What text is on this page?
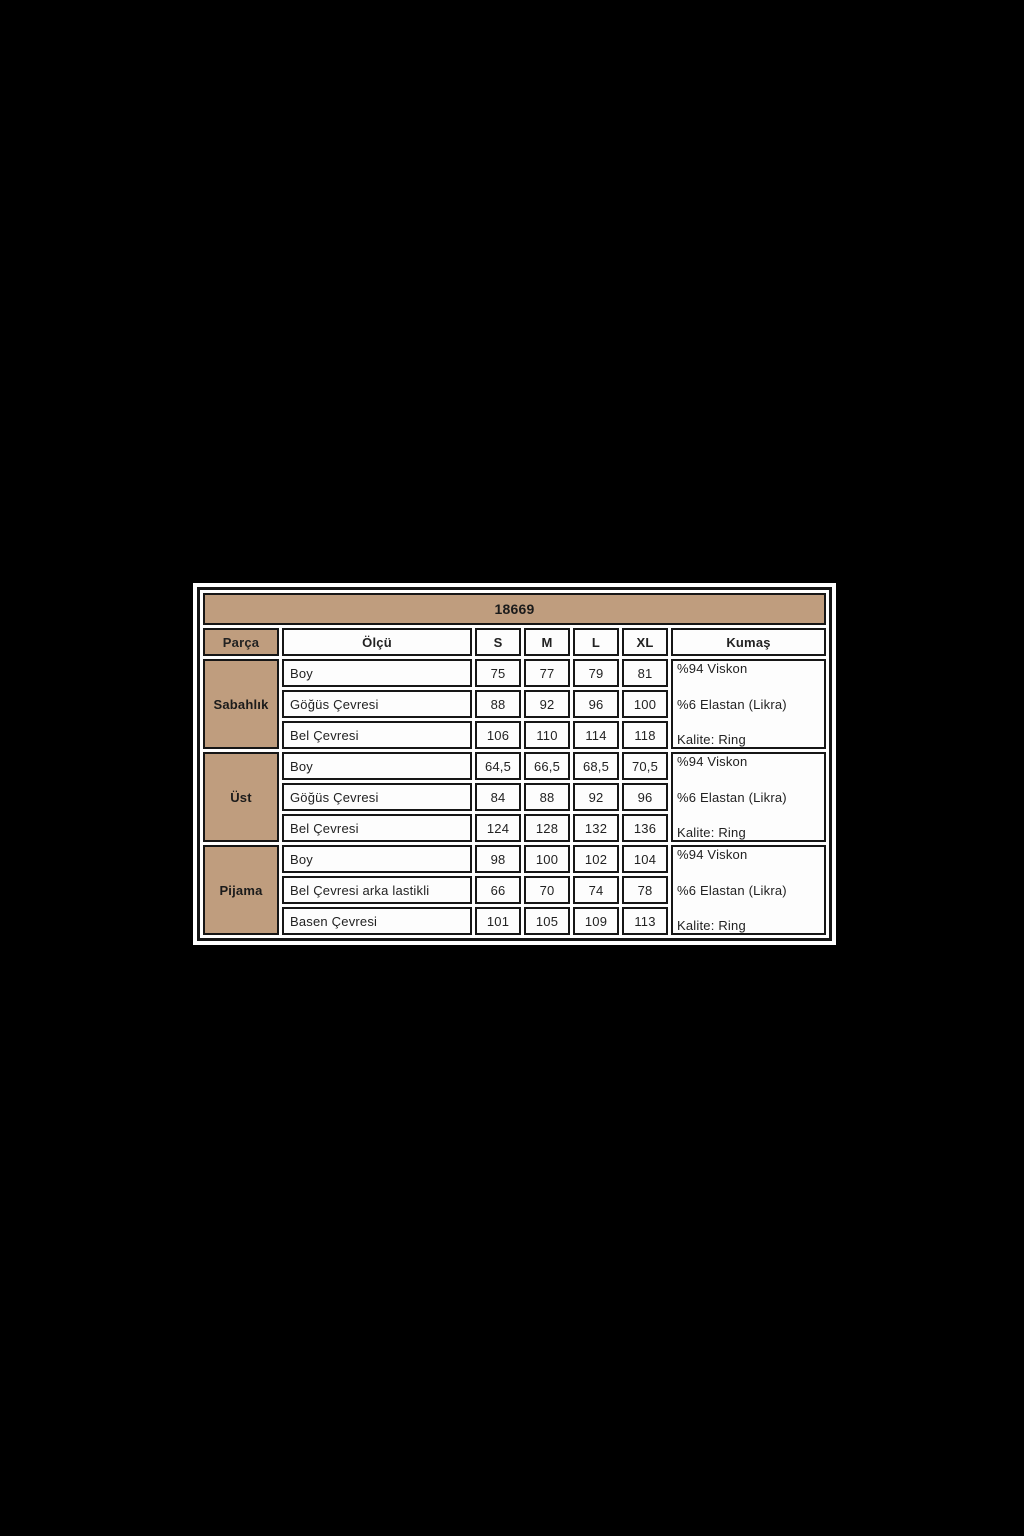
18669						
Parça	Ölçü	S	M	L	XL	Kumaş
Sabahlık	Boy	75	77	79	81	%94 Viskon
%6 Elastan (Likra)
Kalite: Ring

	Göğüs Çevresi	88	92	96	100	
	Bel Çevresi	106	110	114	118	
Üst	Boy	64,5	66,5	68,5	70,5	%94 Viskon
%6 Elastan (Likra)
Kalite: Ring

	Göğüs Çevresi	84	88	92	96	
	Bel Çevresi	124	128	132	136	
Pijama	Boy	98	100	102	104	%94 Viskon
%6 Elastan (Likra)
Kalite: Ring

	Bel Çevresi arka lastikli	66	70	74	78	
	Basen Çevresi	101	105	109	113	
